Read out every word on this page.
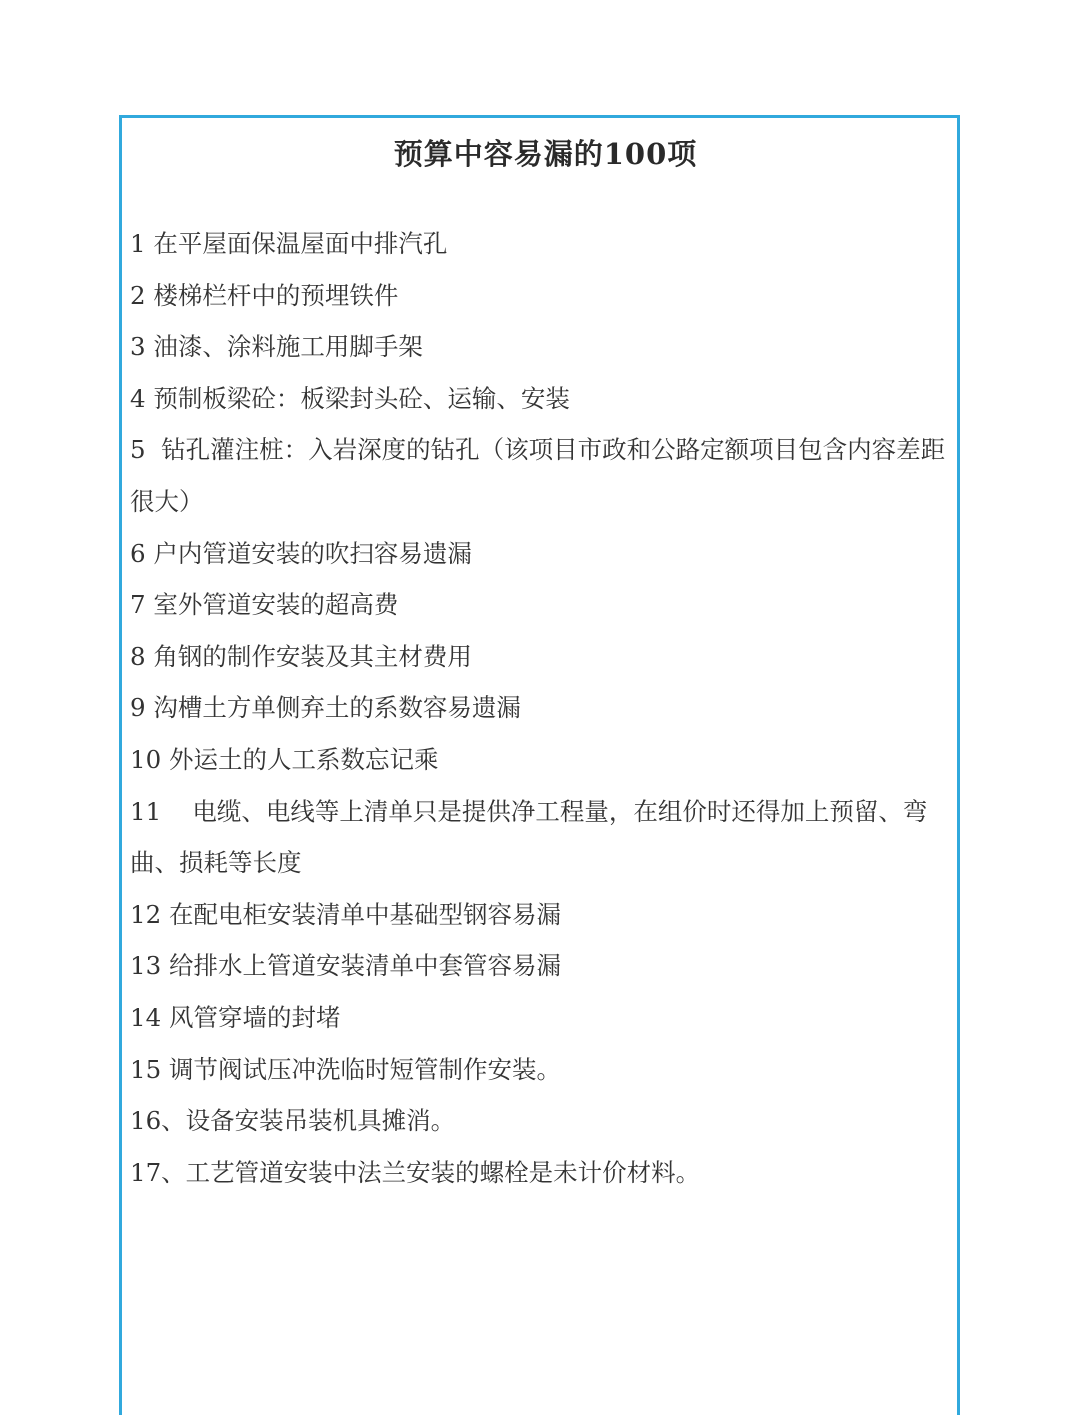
预算中容易漏的100项
1 在平屋面保温屋面中排汽孔
2 楼梯栏杆中的预埋铁件
3 油漆、涂料施工用脚手架
4 预制板梁砼：板梁封头砼、运输、安装
5  钻孔灌注桩：入岩深度的钻孔（该项目市政和公路定额项目包含内容差距很大）
6 户内管道安装的吹扫容易遗漏
7 室外管道安装的超高费
8 角钢的制作安装及其主材费用
9 沟槽土方单侧弃土的系数容易遗漏
10 外运土的人工系数忘记乘
11    电缆、电线等上清单只是提供净工程量，在组价时还得加上预留、弯曲、损耗等长度
12 在配电柜安装清单中基础型钢容易漏
13 给排水上管道安装清单中套管容易漏
14 风管穿墙的封堵
15 调节阀试压冲洗临时短管制作安装。
16、设备安装吊装机具摊消。
17、工艺管道安装中法兰安装的螺栓是未计价材料。
